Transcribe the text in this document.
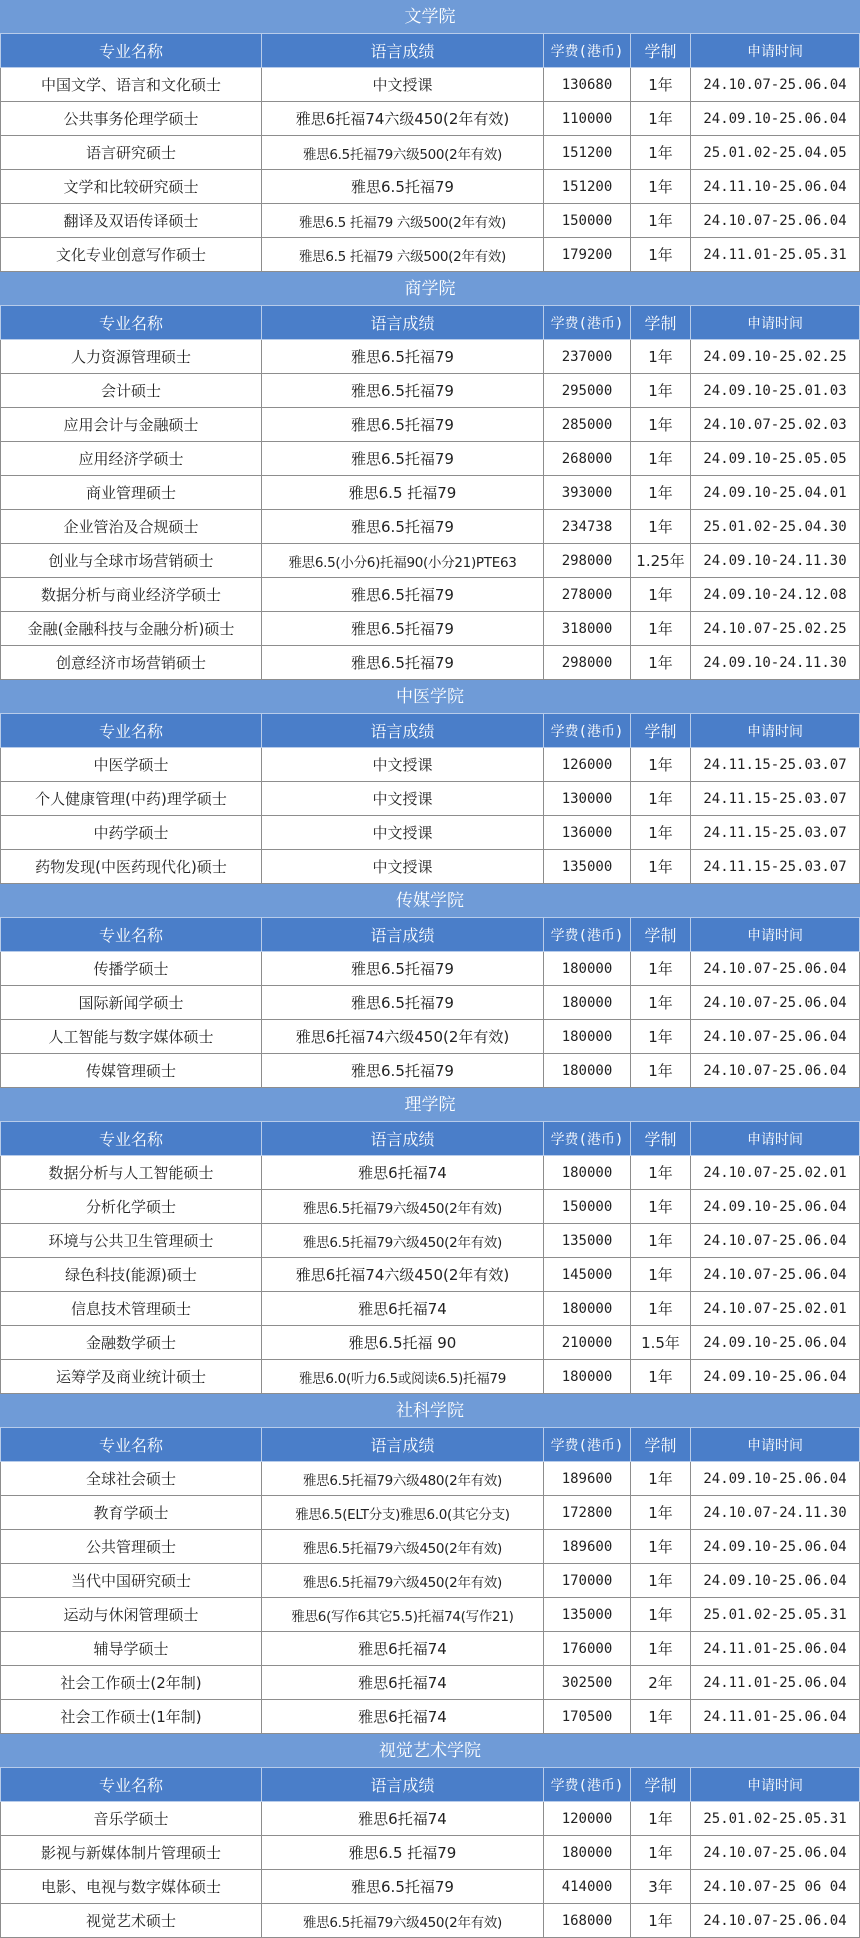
文学院
专业名称	语言成绩	学费(港币)	学制	申请时间
中国文学、语言和文化硕士	中文授课	130680	1年	24.10.07-25.06.04
公共事务伦理学硕士	雅思6托福74六级450(2年有效)	110000	1年	24.09.10-25.06.04
语言研究硕士	雅思6.5托福79六级500(2年有效)	151200	1年	25.01.02-25.04.05
文学和比较研究硕士	雅思6.5托福79	151200	1年	24.11.10-25.06.04
翻译及双语传译硕士	雅思6.5 托福79 六级500(2年有效)	150000	1年	24.10.07-25.06.04
文化专业创意写作硕士	雅思6.5 托福79 六级500(2年有效)	179200	1年	24.11.01-25.05.31
商学院
专业名称	语言成绩	学费(港币)	学制	申请时间
人力资源管理硕士	雅思6.5托福79	237000	1年	24.09.10-25.02.25
会计硕士	雅思6.5托福79	295000	1年	24.09.10-25.01.03
应用会计与金融硕士	雅思6.5托福79	285000	1年	24.10.07-25.02.03
应用经济学硕士	雅思6.5托福79	268000	1年	24.09.10-25.05.05
商业管理硕士	雅思6.5 托福79	393000	1年	24.09.10-25.04.01
企业管治及合规硕士	雅思6.5托福79	234738	1年	25.01.02-25.04.30
创业与全球市场营销硕士	雅思6.5(小分6)托福90(小分21)PTE63	298000	1.25年	24.09.10-24.11.30
数据分析与商业经济学硕士	雅思6.5托福79	278000	1年	24.09.10-24.12.08
金融(金融科技与金融分析)硕士	雅思6.5托福79	318000	1年	24.10.07-25.02.25
创意经济市场营销硕士	雅思6.5托福79	298000	1年	24.09.10-24.11.30
中医学院
专业名称	语言成绩	学费(港币)	学制	申请时间
中医学硕士	中文授课	126000	1年	24.11.15-25.03.07
个人健康管理(中药)理学硕士	中文授课	130000	1年	24.11.15-25.03.07
中药学硕士	中文授课	136000	1年	24.11.15-25.03.07
药物发现(中医药现代化)硕士	中文授课	135000	1年	24.11.15-25.03.07
传媒学院
专业名称	语言成绩	学费(港币)	学制	申请时间
传播学硕士	雅思6.5托福79	180000	1年	24.10.07-25.06.04
国际新闻学硕士	雅思6.5托福79	180000	1年	24.10.07-25.06.04
人工智能与数字媒体硕士	雅思6托福74六级450(2年有效)	180000	1年	24.10.07-25.06.04
传媒管理硕士	雅思6.5托福79	180000	1年	24.10.07-25.06.04
理学院
专业名称	语言成绩	学费(港币)	学制	申请时间
数据分析与人工智能硕士	雅思6托福74	180000	1年	24.10.07-25.02.01
分析化学硕士	雅思6.5托福79六级450(2年有效)	150000	1年	24.09.10-25.06.04
环境与公共卫生管理硕士	雅思6.5托福79六级450(2年有效)	135000	1年	24.10.07-25.06.04
绿色科技(能源)硕士	雅思6托福74六级450(2年有效)	145000	1年	24.10.07-25.06.04
信息技术管理硕士	雅思6托福74	180000	1年	24.10.07-25.02.01
金融数学硕士	雅思6.5托福 90	210000	1.5年	24.09.10-25.06.04
运筹学及商业统计硕士	雅思6.0(听力6.5或阅读6.5)托福79	180000	1年	24.09.10-25.06.04
社科学院
专业名称	语言成绩	学费(港币)	学制	申请时间
全球社会硕士	雅思6.5托福79六级480(2年有效)	189600	1年	24.09.10-25.06.04
教育学硕士	雅思6.5(ELT分支)雅思6.0(其它分支)	172800	1年	24.10.07-24.11.30
公共管理硕士	雅思6.5托福79六级450(2年有效)	189600	1年	24.09.10-25.06.04
当代中国研究硕士	雅思6.5托福79六级450(2年有效)	170000	1年	24.09.10-25.06.04
运动与休闲管理硕士	雅思6(写作6其它5.5)托福74(写作21)	135000	1年	25.01.02-25.05.31
辅导学硕士	雅思6托福74	176000	1年	24.11.01-25.06.04
社会工作硕士(2年制)	雅思6托福74	302500	2年	24.11.01-25.06.04
社会工作硕士(1年制)	雅思6托福74	170500	1年	24.11.01-25.06.04
视觉艺术学院
专业名称	语言成绩	学费(港币)	学制	申请时间
音乐学硕士	雅思6托福74	120000	1年	25.01.02-25.05.31
影视与新媒体制片管理硕士	雅思6.5 托福79	180000	1年	24.10.07-25.06.04
电影、电视与数字媒体硕士	雅思6.5托福79	414000	3年	24.10.07-25 06 04
视觉艺术硕士	雅思6.5托福79六级450(2年有效)	168000	1年	24.10.07-25.06.04
